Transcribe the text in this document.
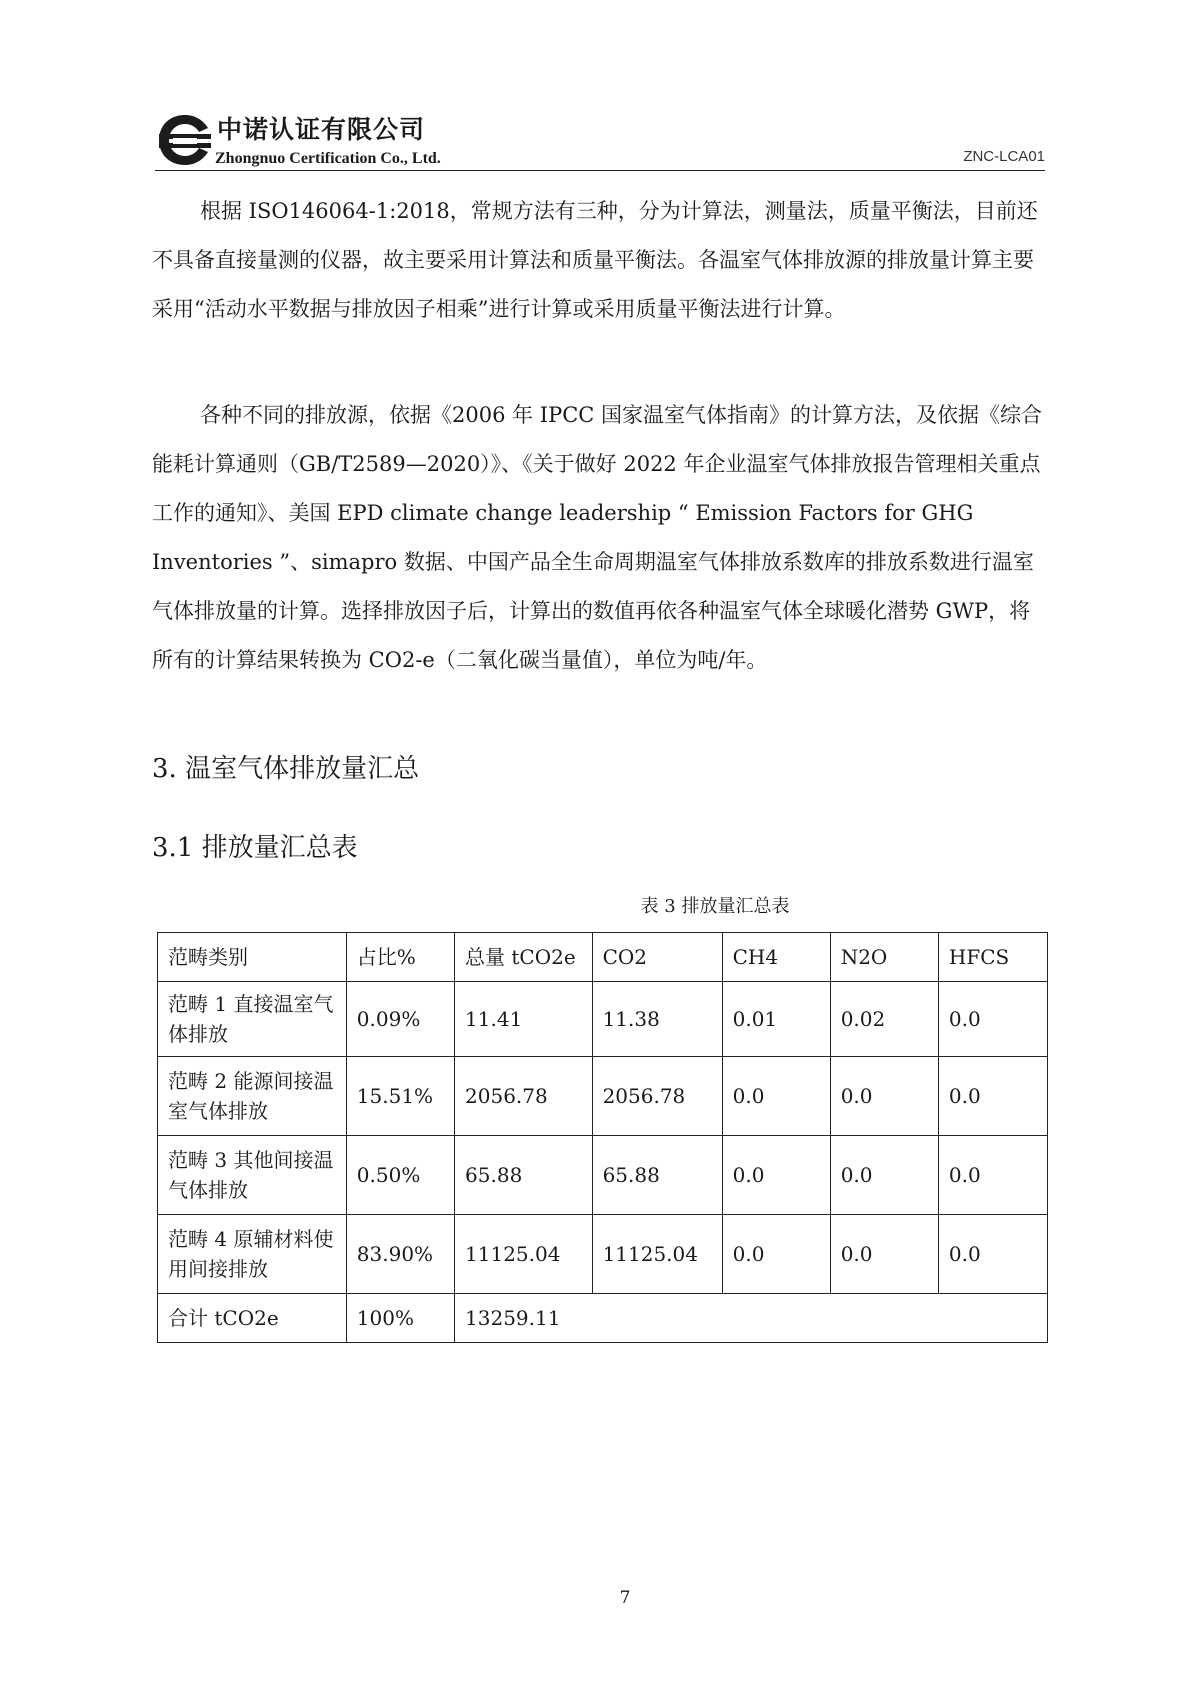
中诺认证有限公司
Zhongnuo Certification Co., Ltd.	ZNC-LCA01

根据 ISO146064-1:2018，常规方法有三种，分为计算法，测量法，质量平衡法，目前还不具备直接量测的仪器，故主要采用计算法和质量平衡法。各温室气体排放源的排放量计算主要采用“活动水平数据与排放因子相乘”进行计算或采用质量平衡法进行计算。

各种不同的排放源，依据《2006 年 IPCC 国家温室气体指南》的计算方法，及依据《综合能耗计算通则（GB/T2589—2020）》、《关于做好 2022 年企业温室气体排放报告管理相关重点工作的通知》、美国 EPD climate change leadership “ Emission Factors for GHG Inventories ”、simapro 数据、中国产品全生命周期温室气体排放系数库的排放系数进行温室气体排放量的计算。选择排放因子后，计算出的数值再依各种温室气体全球暖化潜势 GWP，将所有的计算结果转换为 CO2-e（二氧化碳当量值），单位为吨/年。

3. 温室气体排放量汇总
3.1 排放量汇总表
表 3 排放量汇总表
范畴类别	占比%	总量 tCO2e	CO2	CH4	N2O	HFCS
范畴 1 直接温室气体排放	0.09%	11.41	11.38	0.01	0.02	0.0
范畴 2 能源间接温室气体排放	15.51%	2056.78	2056.78	0.0	0.0	0.0
范畴 3 其他间接温气体排放	0.50%	65.88	65.88	0.0	0.0	0.0
范畴 4 原辅材料使用间接排放	83.90%	11125.04	11125.04	0.0	0.0	0.0
合计 tCO2e	100%	13259.11				
7
